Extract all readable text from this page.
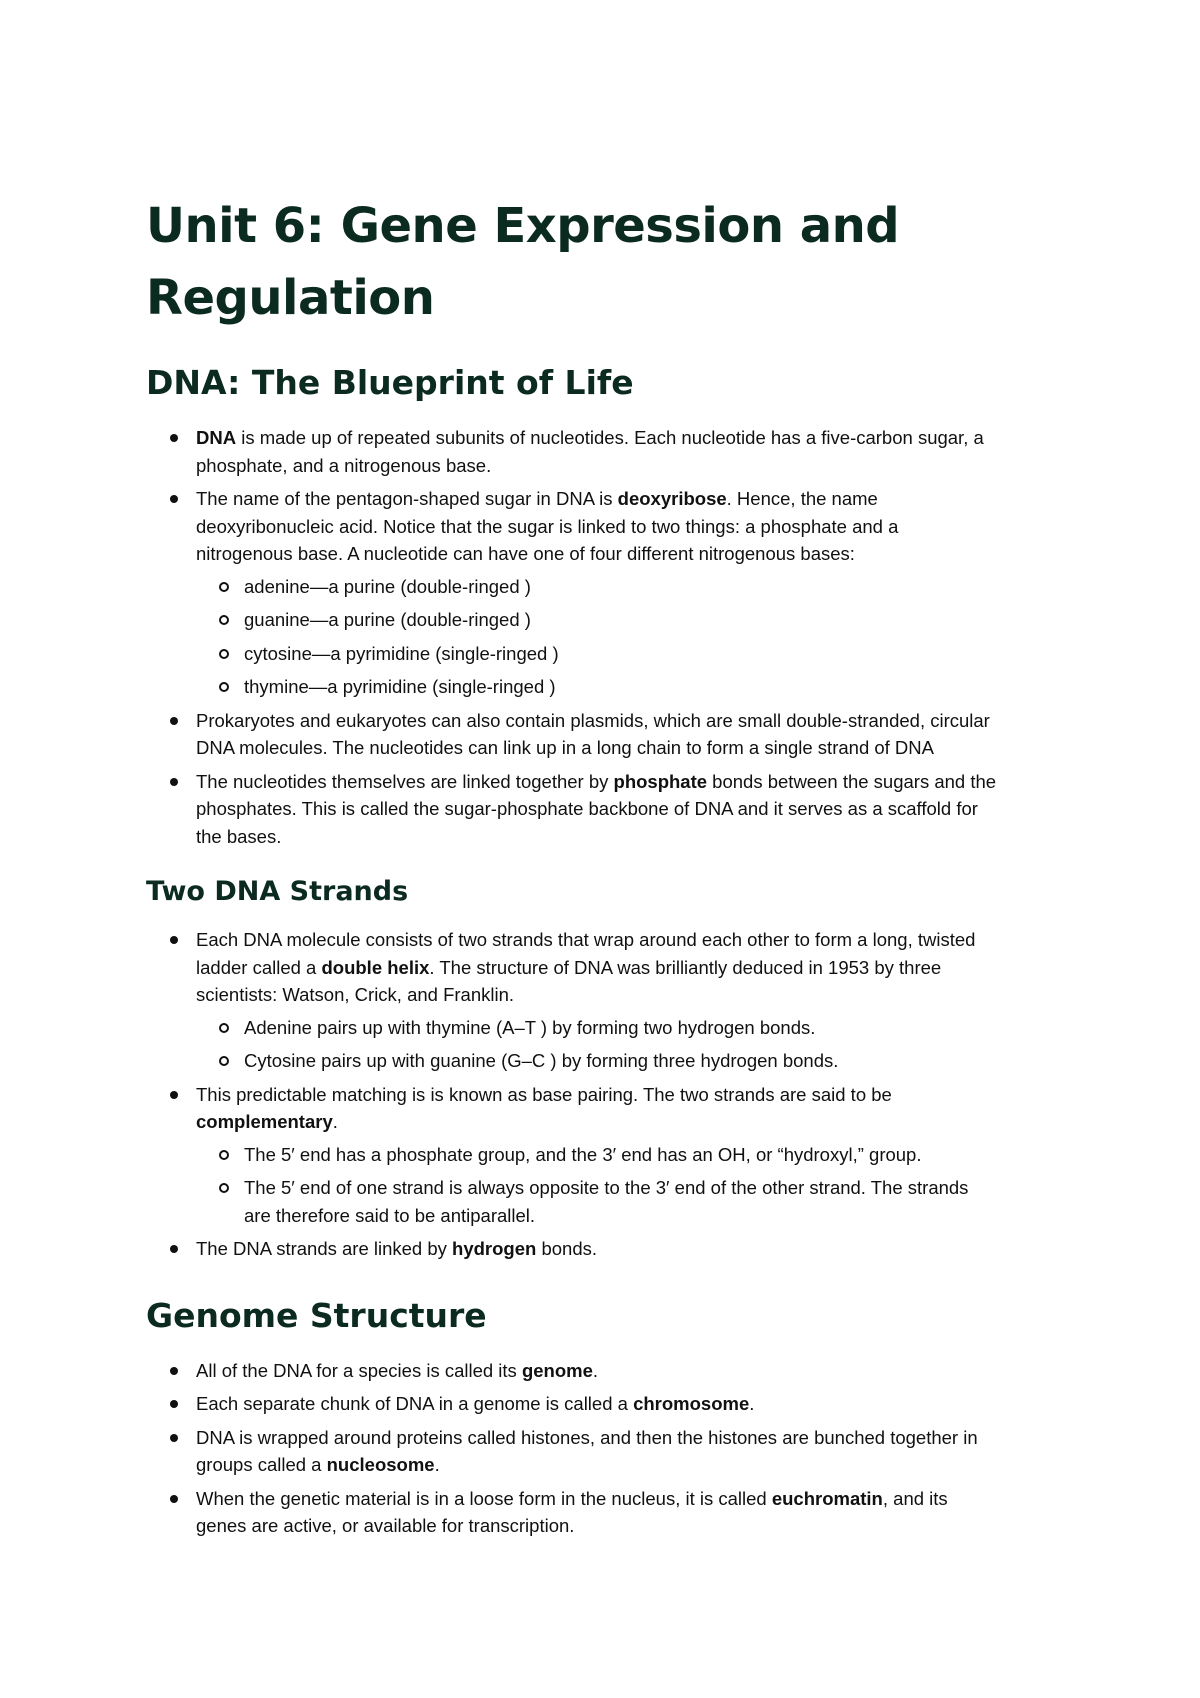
Unit 6: Gene Expression and Regulation
DNA: The Blueprint of Life
DNA is made up of repeated subunits of nucleotides. Each nucleotide has a five-carbon sugar, a phosphate, and a nitrogenous base.
The name of the pentagon-shaped sugar in DNA is deoxyribose. Hence, the name deoxyribonucleic acid. Notice that the sugar is linked to two things: a phosphate and a nitrogenous base. A nucleotide can have one of four different nitrogenous bases:
adenine—a purine (double-ringed )
guanine—a purine (double-ringed )
cytosine—a pyrimidine (single-ringed )
thymine—a pyrimidine (single-ringed )
Prokaryotes and eukaryotes can also contain plasmids, which are small double-stranded, circular DNA molecules. The nucleotides can link up in a long chain to form a single strand of DNA
The nucleotides themselves are linked together by phosphate bonds between the sugars and the phosphates. This is called the sugar-phosphate backbone of DNA and it serves as a scaffold for the bases.
Two DNA Strands
Each DNA molecule consists of two strands that wrap around each other to form a long, twisted ladder called a double helix. The structure of DNA was brilliantly deduced in 1953 by three scientists: Watson, Crick, and Franklin.
Adenine pairs up with thymine (A–T ) by forming two hydrogen bonds.
Cytosine pairs up with guanine (G–C ) by forming three hydrogen bonds.
This predictable matching is is known as base pairing. The two strands are said to be complementary.
The 5′ end has a phosphate group, and the 3′ end has an OH, or “hydroxyl,” group.
The 5′ end of one strand is always opposite to the 3′ end of the other strand. The strands are therefore said to be antiparallel.
The DNA strands are linked by hydrogen bonds.
Genome Structure
All of the DNA for a species is called its genome.
Each separate chunk of DNA in a genome is called a chromosome.
DNA is wrapped around proteins called histones, and then the histones are bunched together in groups called a nucleosome.
When the genetic material is in a loose form in the nucleus, it is called euchromatin, and its genes are active, or available for transcription.
